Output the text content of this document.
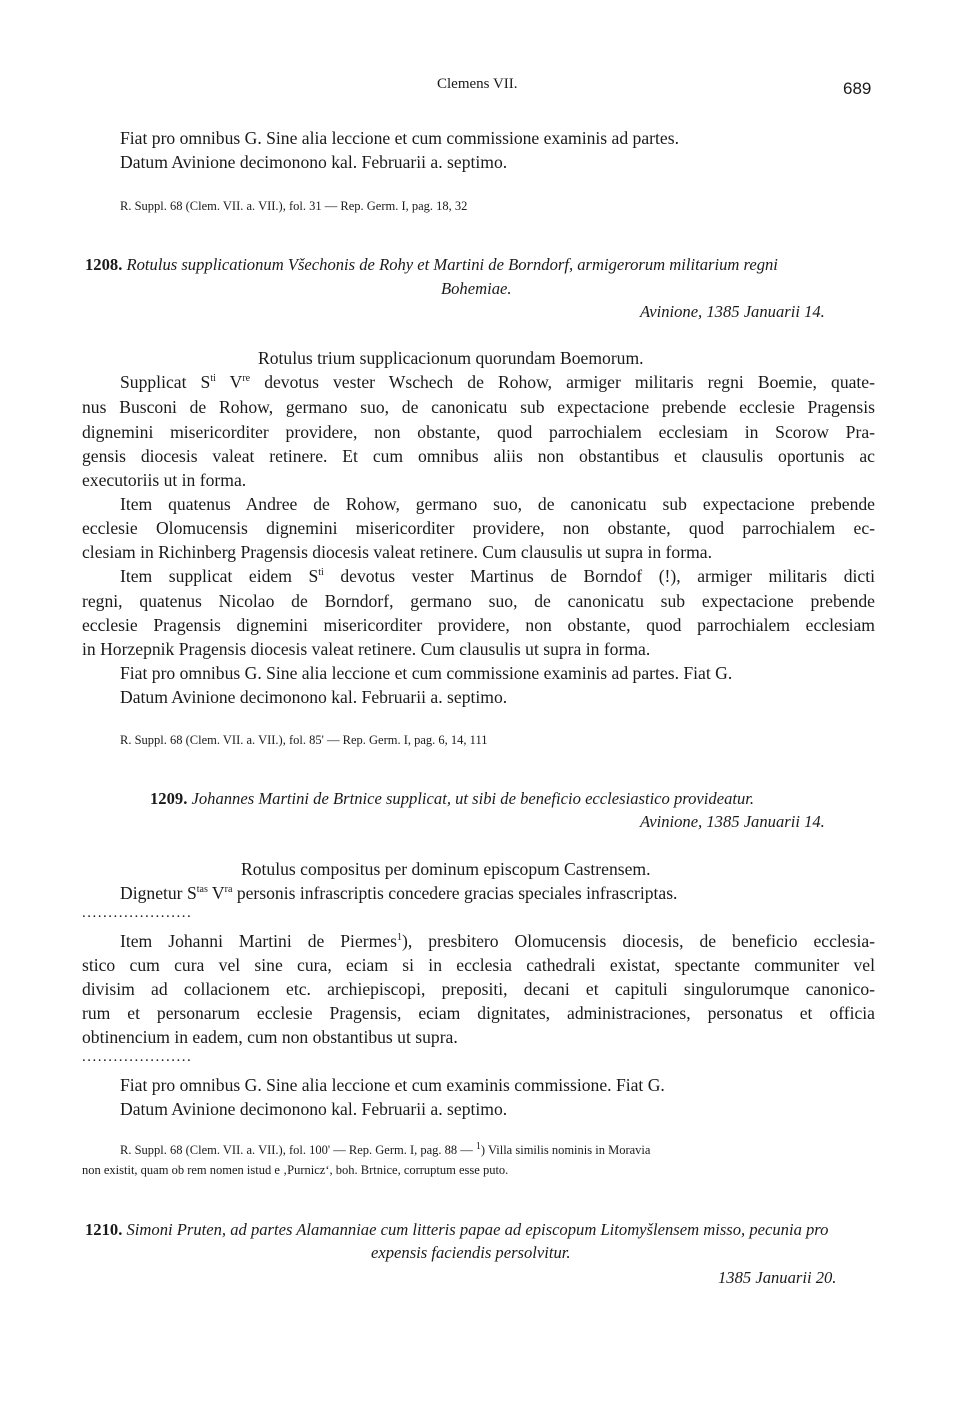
Clemens VII.	689
Fiat pro omnibus G. Sine alia leccione et cum commissione examinis ad partes.
Datum Avinione decimonono kal. Februarii a. septimo.
R. Suppl. 68 (Clem. VII. a. VII.), fol. 31 — Rep. Germ. I, pag. 18, 32
1208. Rotulus supplicationum Všechonis de Rohy et Martini de Borndorf, armigerorum militarium regni
Bohemiae.
Avinione, 1385 Januarii 14.
Rotulus trium supplicacionum quorundam Boemorum.
Supplicat $S^{ti}$ Vre devotus vester Wschech de Rohow, armiger militaris regni Boemie, quate-
nus Busconi de Rohow, germano suo, de canonicatu sub expectacione prebende ecclesie Pragensis
dignemini misericorditer providere, non obstante, quod parrochialem ecclesiam in Scorow Pra-
gensis diocesis valeat retinere. Et cum omnibus aliis non obstantibus et clausulis oportunis ac
executoriis ut in forma.
Item quatenus Andree de Rohow, germano suo, de canonicatu sub expectacione prebende
ecclesie Olomucensis dignemini misericorditer providere, non obstante, quod parrochialem ec-
clesiam in Richinberg Pragensis diocesis valeat retinere. Cum clausulis ut supra in forma.
Item supplicat eidem $S^{ti}$ devotus vester Martinus de Borndof (!), armiger militaris dicti
regni, quatenus Nicolao de Borndorf, germano suo, de canonicatu sub expectacione prebende
ecclesie Pragensis dignemini misericorditer providere, non obstante, quod parrochialem ecclesiam
in Horzepnik Pragensis diocesis valeat retinere. Cum clausulis ut supra in forma.
Fiat pro omnibus G. Sine alia leccione et cum commissione examinis ad partes. Fiat G.
Datum Avinione decimonono kal. Februarii a. septimo.
R. Suppl. 68 (Clem. VII. a. VII.), fol. 85' — Rep. Germ. I, pag. 6, 14, 111
1209. Johannes Martini de Brtnice supplicat, ut sibi de beneficio ecclesiastico provideatur.
Avinione, 1385 Januarii 14.
Rotulus compositus per dominum episcopum Castrensem.
Dignetur $S^{tas}$ $V^{ra}$ personis infrascriptis concedere gracias speciales infrascriptas.
.....................
Item Johanni Martini de Piermes$^1$), presbitero Olomucensis diocesis, de beneficio ecclesia-
stico cum cura vel sine cura, eciam si in ecclesia cathedrali existat, spectante communiter vel
divisim ad collacionem etc. archiepiscopi, prepositi, decani et capituli singulorumque canonico-
rum et personarum ecclesie Pragensis, eciam dignitates, administraciones, personatus et officia
obtinencium in eadem, cum non obstantibus ut supra.
.....................
Fiat pro omnibus G. Sine alia leccione et cum examinis commissione. Fiat G.
Datum Avinione decimonono kal. Februarii a. septimo.
R. Suppl. 68 (Clem. VII. a. VII.), fol. 100' — Rep. Germ. I, pag. 88 — $^1$) Villa similis nominis in Moravia
non existit, quam ob rem nomen istud e ‚Purnicz‘, boh. Brtnice, corruptum esse puto.
1210. Simoni Pruten, ad partes Alamanniae cum litteris papae ad episcopum Litomyšlensem misso, pecunia pro
expensis faciendis persolvitur.
1385 Januarii 20.
